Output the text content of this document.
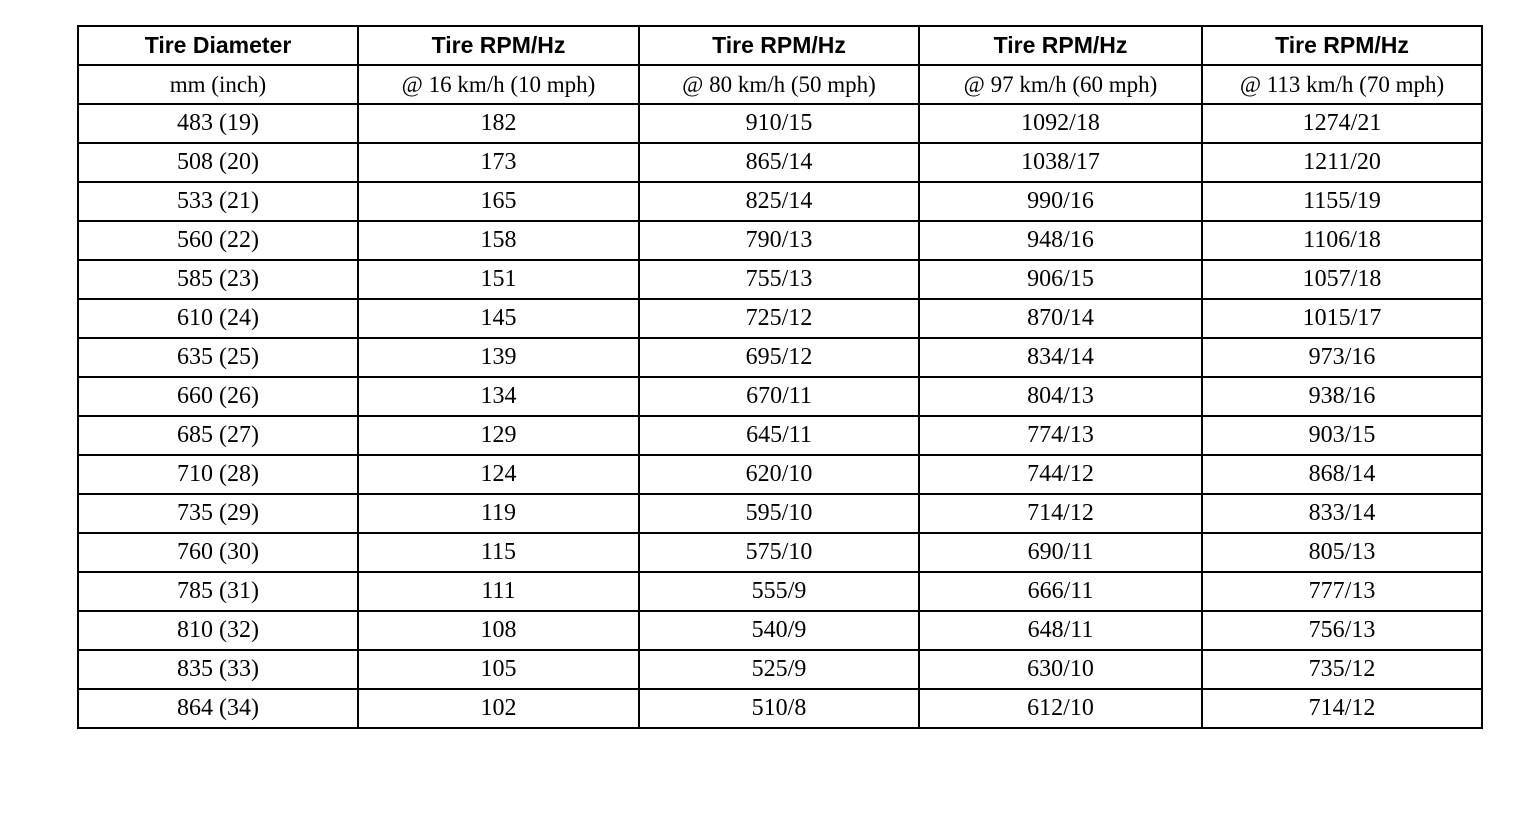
Tire Diameter	Tire RPM/Hz	Tire RPM/Hz	Tire RPM/Hz	Tire RPM/Hz
mm (inch)	@ 16 km/h (10 mph)	@ 80 km/h (50 mph)	@ 97 km/h (60 mph)	@ 113 km/h (70 mph)
483 (19)	182	910/15	1092/18	1274/21
508 (20)	173	865/14	1038/17	1211/20
533 (21)	165	825/14	990/16	1155/19
560 (22)	158	790/13	948/16	1106/18
585 (23)	151	755/13	906/15	1057/18
610 (24)	145	725/12	870/14	1015/17
635 (25)	139	695/12	834/14	973/16
660 (26)	134	670/11	804/13	938/16
685 (27)	129	645/11	774/13	903/15
710 (28)	124	620/10	744/12	868/14
735 (29)	119	595/10	714/12	833/14
760 (30)	115	575/10	690/11	805/13
785 (31)	111	555/9	666/11	777/13
810 (32)	108	540/9	648/11	756/13
835 (33)	105	525/9	630/10	735/12
864 (34)	102	510/8	612/10	714/12
